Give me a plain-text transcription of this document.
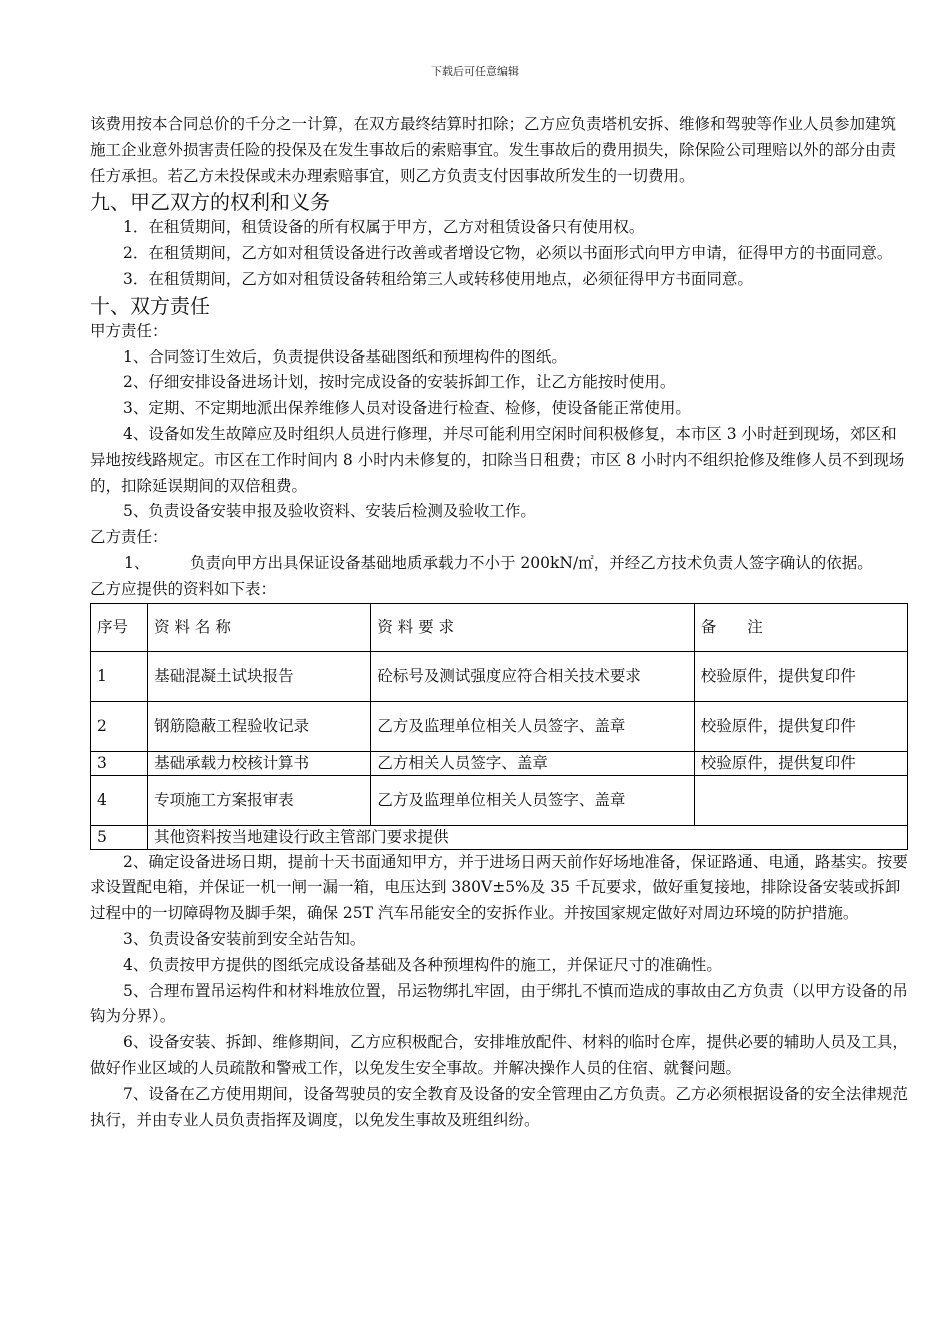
下载后可任意编辑

该费用按本合同总价的千分之一计算，在双方最终结算时扣除；乙方应负责塔机安拆、维修和驾驶等作业人员参加建筑施工企业意外损害责任险的投保及在发生事故后的索赔事宜。发生事故后的费用损失，除保险公司理赔以外的部分由责任方承担。若乙方未投保或未办理索赔事宜，则乙方负责支付因事故所发生的一切费用。

九、甲乙双方的权利和义务

1．在租赁期间，租赁设备的所有权属于甲方，乙方对租赁设备只有使用权。

2．在租赁期间，乙方如对租赁设备进行改善或者增设它物，必须以书面形式向甲方申请，征得甲方的书面同意。

3．在租赁期间，乙方如对租赁设备转租给第三人或转移使用地点，必须征得甲方书面同意。

十、双方责任

甲方责任：

1、合同签订生效后，负责提供设备基础图纸和预埋构件的图纸。

2、仔细安排设备进场计划，按时完成设备的安装拆卸工作，让乙方能按时使用。

3、定期、不定期地派出保养维修人员对设备进行检查、检修，使设备能正常使用。

4、设备如发生故障应及时组织人员进行修理，并尽可能利用空闲时间积极修复，本市区 3 小时赶到现场，郊区和异地按线路规定。市区在工作时间内 8 小时内未修复的，扣除当日租费；市区 8 小时内不组织抢修及维修人员不到现场的，扣除延误期间的双倍租费。

5、负责设备安装申报及验收资料、安装后检测及验收工作。

乙方责任：

1、	负责向甲方出具保证设备基础地质承载力不小于 200kN/㎡，并经乙方技术负责人签字确认的依据。

乙方应提供的资料如下表：

序号	资 料 名 称	资 料 要 求	备　　注
1	基础混凝土试块报告	砼标号及测试强度应符合相关技术要求	校验原件，提供复印件
2	钢筋隐蔽工程验收记录	乙方及监理单位相关人员签字、盖章	校验原件，提供复印件
3	基础承载力校核计算书	乙方相关人员签字、盖章	校验原件，提供复印件
4	专项施工方案报审表	乙方及监理单位相关人员签字、盖章	
5	其他资料按当地建设行政主管部门要求提供		

2、确定设备进场日期，提前十天书面通知甲方，并于进场日两天前作好场地准备，保证路通、电通，路基实。按要求设置配电箱，并保证一机一闸一漏一箱，电压达到 380V±5%及 35 千瓦要求，做好重复接地，排除设备安装或拆卸过程中的一切障碍物及脚手架，确保 25T 汽车吊能安全的安拆作业。并按国家规定做好对周边环境的防护措施。

3、负责设备安装前到安全站告知。

4、负责按甲方提供的图纸完成设备基础及各种预埋构件的施工，并保证尺寸的准确性。

5、合理布置吊运构件和材料堆放位置，吊运物绑扎牢固，由于绑扎不慎而造成的事故由乙方负责（以甲方设备的吊钩为分界）。

6、设备安装、拆卸、维修期间，乙方应积极配合，安排堆放配件、材料的临时仓库，提供必要的辅助人员及工具，做好作业区域的人员疏散和警戒工作，以免发生安全事故。并解决操作人员的住宿、就餐问题。

7、设备在乙方使用期间，设备驾驶员的安全教育及设备的安全管理由乙方负责。乙方必须根据设备的安全法律规范执行，并由专业人员负责指挥及调度，以免发生事故及班组纠纷。
